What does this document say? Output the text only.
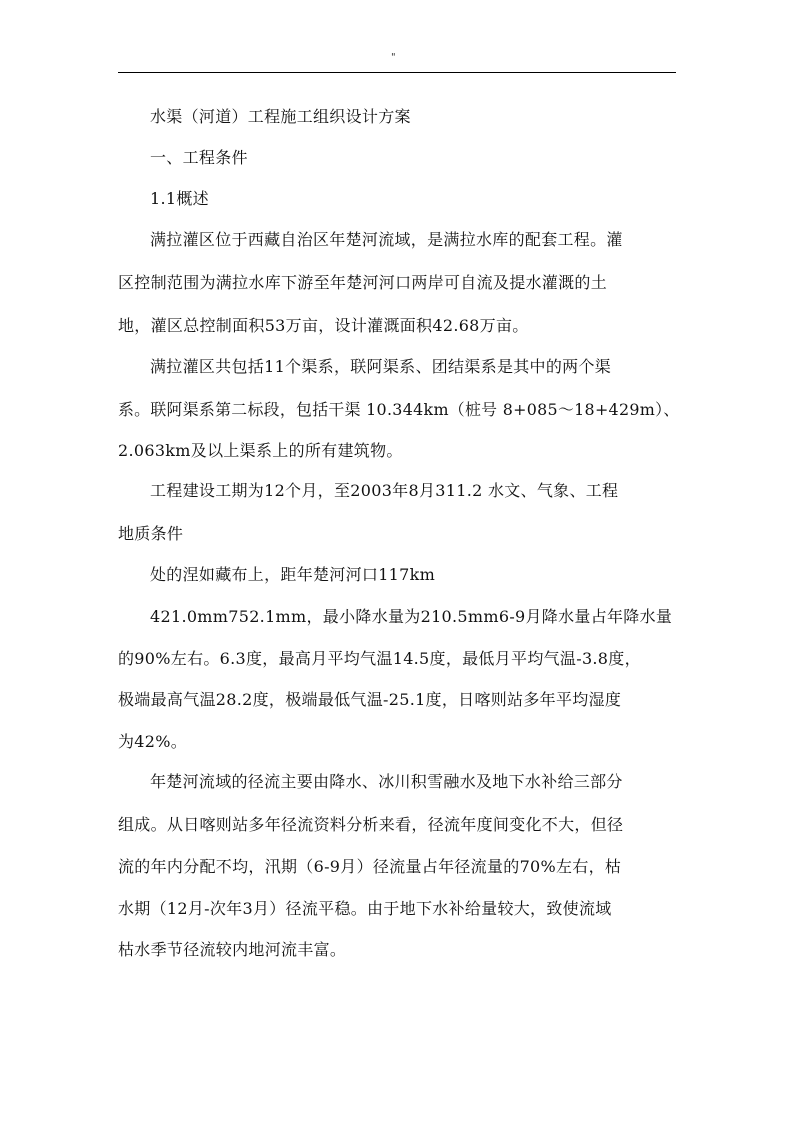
"
水渠（河道）工程施工组织设计方案
一、工程条件
1.1概述
满拉灌区位于西藏自治区年楚河流域，是满拉水库的配套工程。灌
区控制范围为满拉水库下游至年楚河河口两岸可自流及提水灌溉的土
地，灌区总控制面积53万亩，设计灌溉面积42.68万亩。
满拉灌区共包括11个渠系，联阿渠系、团结渠系是其中的两个渠
系。联阿渠系第二标段，包括干渠 10.344km（桩号 8+085～18+429m）、
2.063km及以上渠系上的所有建筑物。
工程建设工期为12个月，至2003年8月311.2 水文、气象、工程
地质条件
处的涅如藏布上，距年楚河河口117km
421.0mm752.1mm，最小降水量为210.5mm6-9月降水量占年降水量
的90%左右。6.3度，最高月平均气温14.5度，最低月平均气温-3.8度，
极端最高气温28.2度，极端最低气温-25.1度，日喀则站多年平均湿度
为42%。
年楚河流域的径流主要由降水、冰川积雪融水及地下水补给三部分
组成。从日喀则站多年径流资料分析来看，径流年度间变化不大，但径
流的年内分配不均，汛期（6-9月）径流量占年径流量的70%左右，枯
水期（12月-次年3月）径流平稳。由于地下水补给量较大，致使流域
枯水季节径流较内地河流丰富。
